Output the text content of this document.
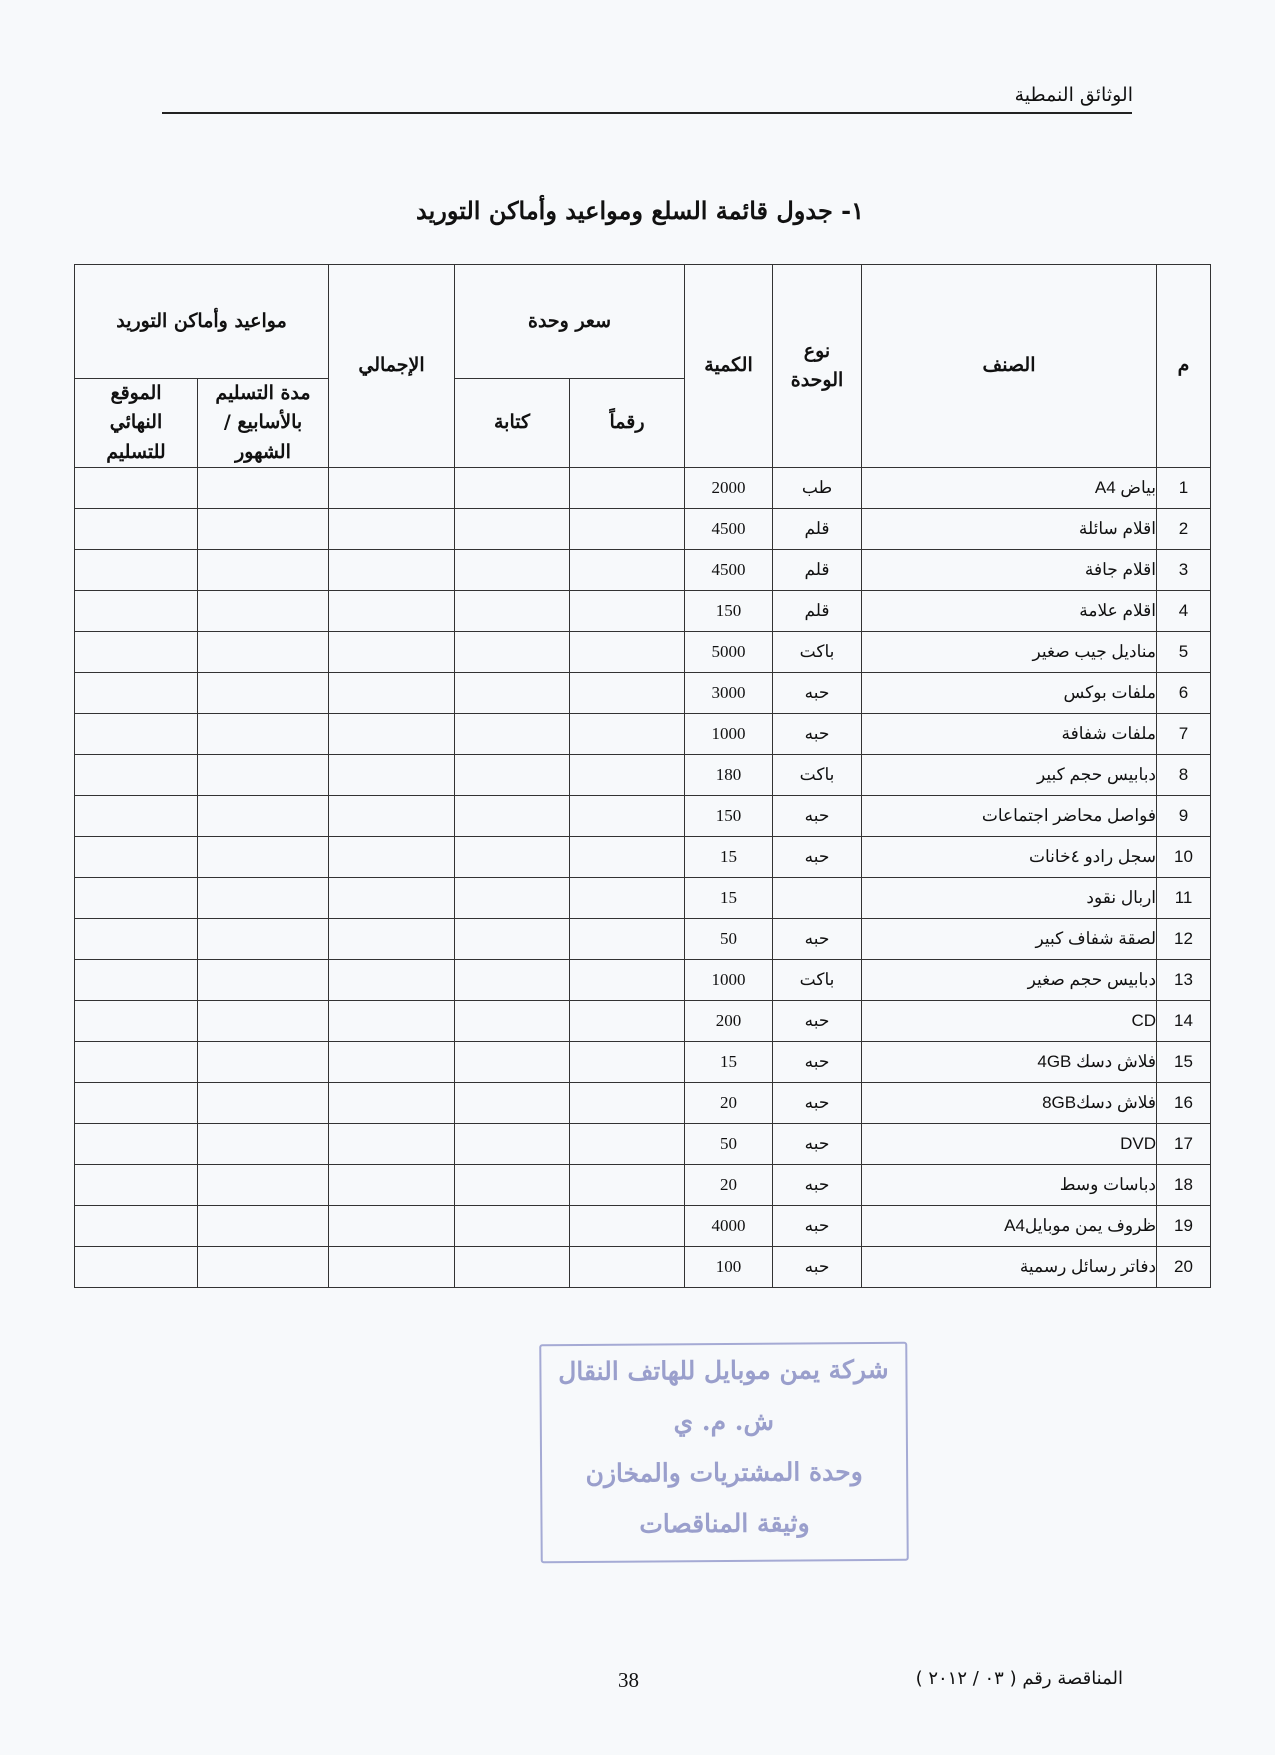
الوثائق النمطية
١- جدول قائمة السلع ومواعيد وأماكن التوريد
م	الصنف	نوع الوحدة	الكمية	سعر وحدة		الإجمالي	مواعيد وأماكن التوريد	
				رقماً	كتابة		مدة التسليم بالأسابيع / الشهور	الموقع النهائي للتسليم
1	بياض A4	طب	2000					
2	اقلام سائلة	قلم	4500					
3	اقلام جافة	قلم	4500					
4	اقلام علامة	قلم	150					
5	مناديل جيب صغير	باكت	5000					
6	ملفات بوكس	حبه	3000					
7	ملفات شفافة	حبه	1000					
8	دبابيس حجم كبير	باكت	180					
9	فواصل محاضر اجتماعات	حبه	150					
10	سجل رادو ٤خانات	حبه	15					
11	اربال نقود		15					
12	لصقة شفاف كبير	حبه	50					
13	دبابيس حجم صغير	باكت	1000					
14	CD	حبه	200					
15	فلاش دسك 4GB	حبه	15					
16	فلاش دسك8GB	حبه	20					
17	DVD	حبه	50					
18	دباسات وسط	حبه	20					
19	ظروف يمن موبايلA4	حبه	4000					
20	دفاتر رسائل رسمية	حبه	100					
شركة يمن موبايل للهاتف النقال
ش. م. ي
وحدة المشتريات والمخازن
وثيقة المناقصات
38	المناقصة رقم ( ٠٣ / ٢٠١٢ )
